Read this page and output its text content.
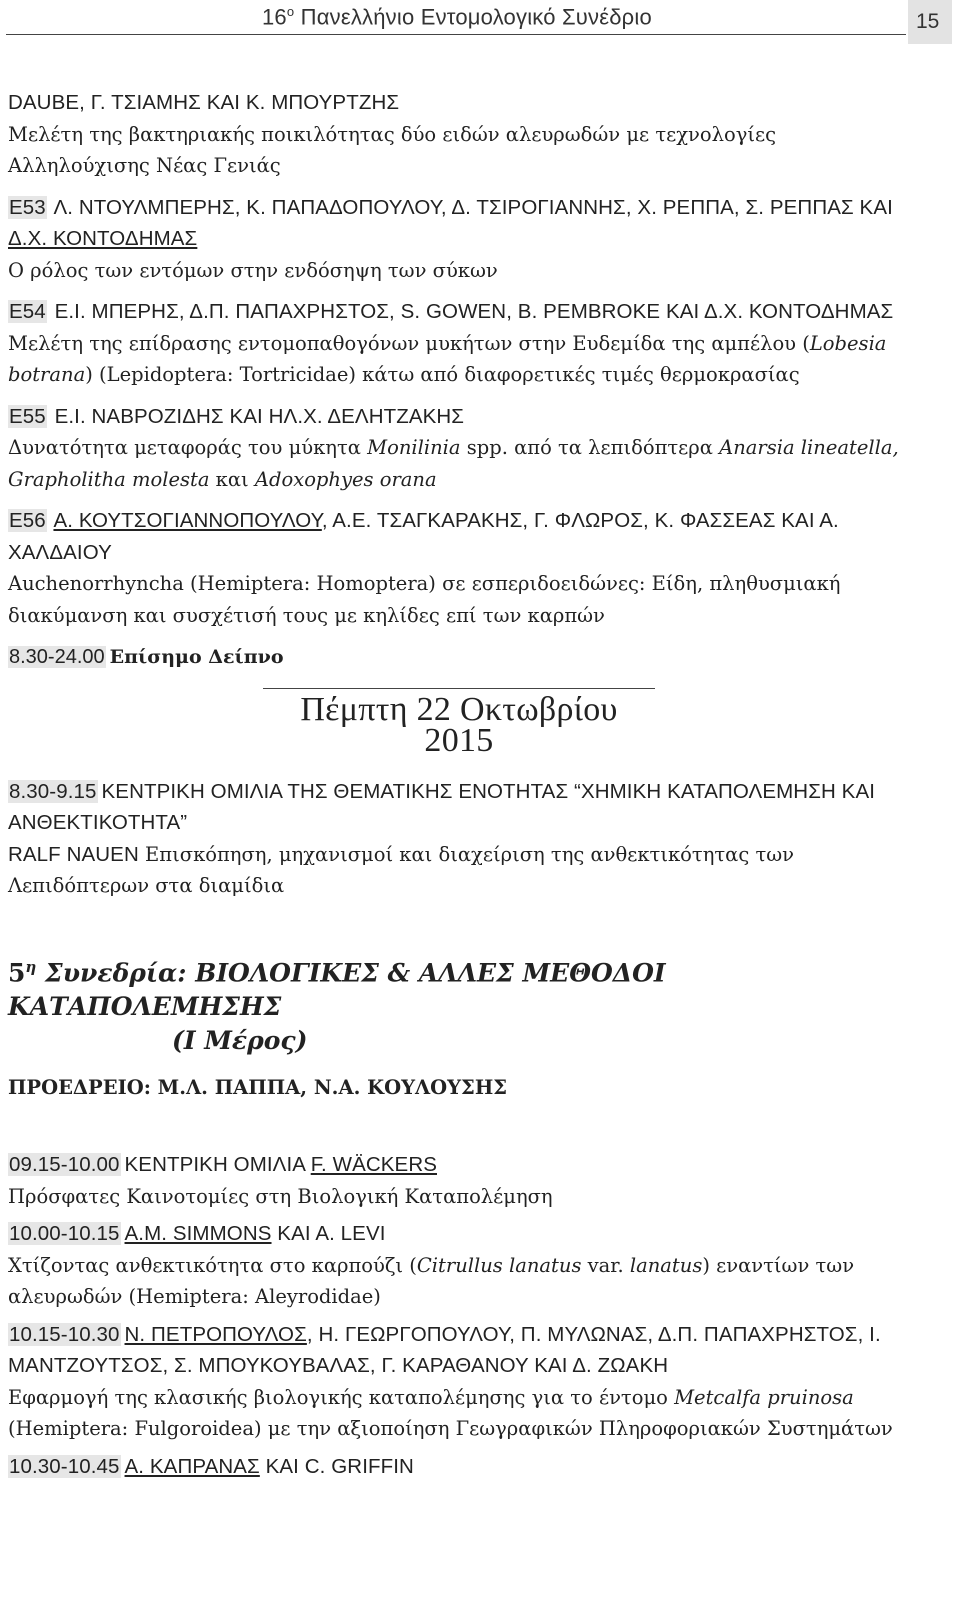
$16^o$ Πανελλήνιο Εντομολογικό Συνέδριο	15
DAUBE, Γ. ΤΣΙΑΜΗΣ ΚΑΙ Κ. ΜΠΟΥΡΤΖΗΣ
Μελέτη της βακτηριακής ποικιλότητας δύο ειδών αλευρωδών με τεχνολογίες Αλληλούχισης Νέας Γενιάς
Ε53 Λ. ΝΤΟΥΛΜΠΕΡΗΣ, Κ. ΠΑΠΑΔΟΠΟΥΛΟΥ, Δ. ΤΣΙΡΟΓΙΑΝΝΗΣ, Χ. ΡΕΠΠΑ, Σ. ΡΕΠΠΑΣ ΚΑΙ Δ.Χ. ΚΟΝΤΟΔΗΜΑΣ
Ο ρόλος των εντόμων στην ενδόσηψη των σύκων
Ε54 Ε.Ι. ΜΠΕΡΗΣ, Δ.Π. ΠΑΠΑΧΡΗΣΤΟΣ, S. GOWEN, B. PEMBROKE ΚΑΙ Δ.Χ. ΚΟΝΤΟΔΗΜΑΣ
Μελέτη της επίδρασης εντομοπαθογόνων μυκήτων στην Ευδεμίδα της αμπέλου (Lobesia botrana) (Lepidoptera: Tortricidae) κάτω από διαφορετικές τιμές θερμοκρασίας
Ε55 Ε.Ι. ΝΑΒΡΟΖΙΔΗΣ ΚΑΙ ΗΛ.Χ. ΔΕΛΗΤΖΑΚΗΣ
Δυνατότητα μεταφοράς του μύκητα Monilinia spp. από τα λεπιδόπτερα Anarsia lineatella, Grapholitha molesta και Adoxophyes orana
Ε56 Α. ΚΟΥΤΣΟΓΙΑΝΝΟΠΟΥΛΟΥ, Α.Ε. ΤΣΑΓΚΑΡΑΚΗΣ, Γ. ΦΛΩΡΟΣ, Κ. ΦΑΣΣΕΑΣ ΚΑΙ Α. ΧΑΛΔΑΙΟΥ
Auchenorrhyncha (Hemiptera: Homoptera) σε εσπεριδοειδώνες: Είδη, πληθυσμιακή διακύμανση και συσχέτισή τους με κηλίδες επί των καρπών
8.30-24.00 Επίσημο Δείπνο
Πέμπτη 22 Οκτωβρίου 2015
8.30-9.15 ΚΕΝΤΡΙΚΗ ΟΜΙΛΙΑ ΤΗΣ ΘΕΜΑΤΙΚΗΣ ΕΝΟΤΗΤΑΣ “ΧΗΜΙΚΗ ΚΑΤΑΠΟΛΕΜΗΣΗ ΚΑΙ ΑΝΘΕΚΤΙΚΟΤΗΤΑ”
RALF NAUEN Επισκόπηση, μηχανισμοί και διαχείριση της ανθεκτικότητας των Λεπιδόπτερων στα διαμίδια
$5^\eta$ Συνεδρία: ΒΙΟΛΟΓΙΚΕΣ & ΑΛΛΕΣ ΜΕΘΟΔΟΙ ΚΑΤΑΠΟΛΕΜΗΣΗΣ
(Ι Μέρος)
ΠΡΟΕΔΡΕΙΟ: Μ.Λ. ΠΑΠΠΑ, Ν.Α. ΚΟΥΛΟΥΣΗΣ
09.15-10.00 ΚΕΝΤΡΙΚΗ ΟΜΙΛΙΑ F. WÄCKERS
Πρόσφατες Καινοτομίες στη Βιολογική Καταπολέμηση
10.00-10.15 Α.Μ. SIMMONS ΚΑΙ Α. LEVI
Χτίζοντας ανθεκτικότητα στο καρπούζι (Citrullus lanatus var. lanatus) εναντίων των αλευρωδών (Hemiptera: Aleyrodidae)
10.15-10.30 Ν. ΠΕΤΡΟΠΟΥΛΟΣ, Η. ΓΕΩΡΓΟΠΟΥΛΟΥ, Π. ΜΥΛΩΝΑΣ, Δ.Π. ΠΑΠΑΧΡΗΣΤΟΣ, Ι. ΜΑΝΤΖΟΥΤΣΟΣ, Σ. ΜΠΟΥΚΟΥΒΑΛΑΣ, Γ. ΚΑΡΑΘΑΝΟΥ ΚΑΙ Δ. ΖΩΑΚΗ
Εφαρμογή της κλασικής βιολογικής καταπολέμησης για το έντομο Metcalfa pruinosa (Hemiptera: Fulgoroidea) με την αξιοποίηση Γεωγραφικών Πληροφοριακών Συστημάτων
10.30-10.45 Α. ΚΑΠΡΑΝΑΣ ΚΑΙ C. GRIFFIN
